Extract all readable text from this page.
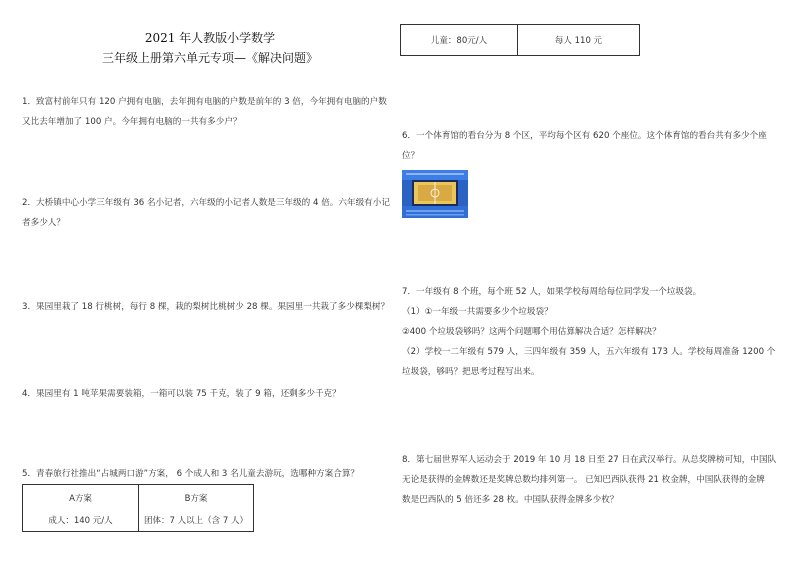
2021 年人教版小学数学
三年级上册第六单元专项—《解决问题》
儿童：80元/人	每人 110 元
1．致富村前年只有 120 户拥有电脑，去年拥有电脑的户数是前年的 3 倍，今年拥有电脑的户数
又比去年增加了 100 户。今年拥有电脑的一共有多少户？
2．大桥镇中心小学三年级有 36 名小记者，六年级的小记者人数是三年级的 4 倍。六年级有小记
者多少人？
3．果园里栽了 18 行桃树，每行 8 棵，栽的梨树比桃树少 28 棵。果园里一共栽了多少棵梨树？
4．果园里有 1 吨苹果需要装箱，一箱可以装 75 千克，装了 9 箱，还剩多少千克？
5．青春旅行社推出“占城两口游”方案， 6 个成人和 3 名儿童去游玩，选哪种方案合算？
A方案	B方案
成人：140 元/人	团体：7 人以上（含 7 人）
6．一个体育馆的看台分为 8 个区，平均每个区有 620 个座位。这个体育馆的看台共有多少个座
位？
7．一年级有 8 个班，每个班 52 人，如果学校每周给每位同学发一个垃圾袋。
（1）①一年级一共需要多少个垃圾袋？
②400 个垃圾袋够吗？这两个问题哪个用估算解决合适？怎样解决？
（2）学校一二年级有 579 人，三四年级有 359 人，五六年级有 173 人。学校每周准备 1200 个
垃圾袋，够吗？把思考过程写出来。
8．第七届世界军人运动会于 2019 年 10 月 18 日至 27 日在武汉举行。从总奖牌榜可知，中国队
无论是获得的金牌数还是奖牌总数均排列第一。 已知巴西队获得 21 枚金牌，中国队获得的金牌
数是巴西队的 5 倍还多 28 枚。中国队获得金牌多少枚？
